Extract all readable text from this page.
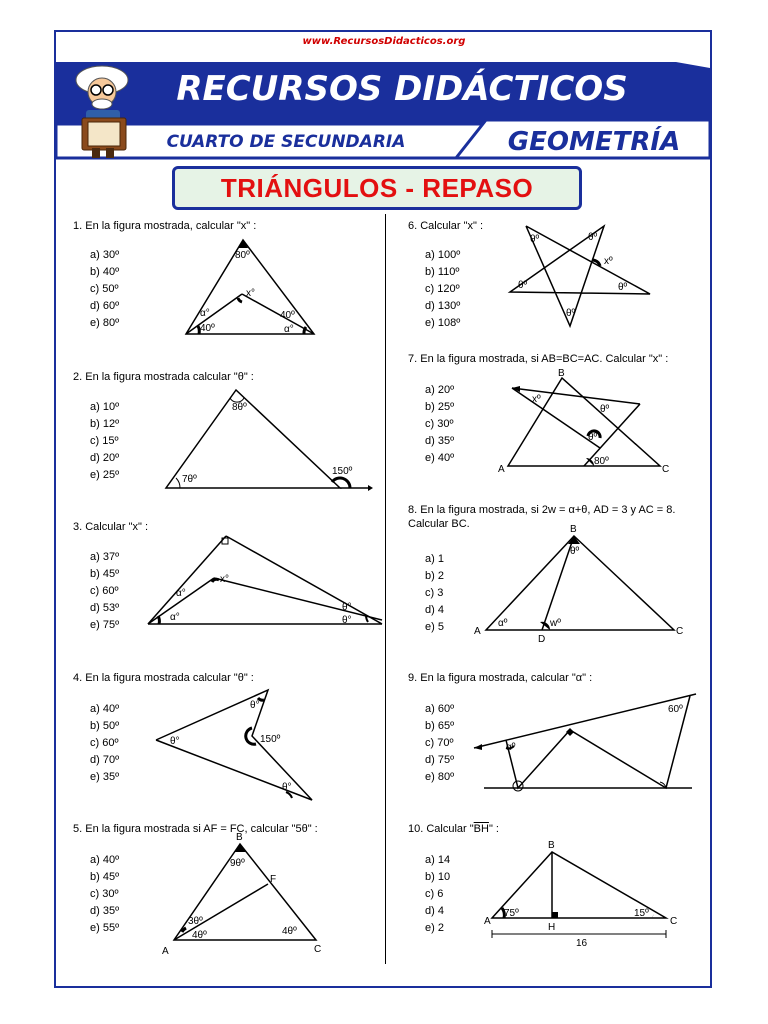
www.RecursosDidacticos.org
RECURSOS DIDÁCTICOS
CUARTO DE SECUNDARIA	GEOMETRÍA
TRIÁNGULOS - REPASO
1. En la figura mostrada, calcular "x" :
a) 30º
b) 40º
c) 50º
d) 60º
e) 80º
80º
x°
α°
40º
40º
α°
2. En la figura mostrada calcular "θ" :
a) 10º
b) 12º
c) 15º
d) 20º
e) 25º
8θº
7θº
150º
3. Calcular "x" :
a) 37º
b) 45º
c) 60º
d) 53º
e) 75º
α°
α°
x°
θ°
θ°
4. En la figura mostrada calcular "θ" :
a) 40º
b) 50º
c) 60º
d) 70º
e) 35º
θ°
θ°
150º
θ°
5. En la figura mostrada si AF = FC, calcular "5θ" :
a) 40º
b) 45º
c) 30º
d) 35º
e) 55º
B
F
A	C
9θº
3θº
4θº	4θº
6. Calcular "x" :
a) 100º
b) 110º
c) 120º
d) 130º
e) 108º
θº	θº
xº
θº	θº
θº
7. En la figura mostrada, si AB=BC=AC. Calcular "x" :
a) 20º
b) 25º
c) 30º
d) 35º
e) 40º
B
A	C
xº
θº
θº
80º
8. En la figura mostrada, si 2w = α+θ, AD = 3 y AC = 8. Calcular BC.
a) 1
b) 2
c) 3
d) 4
e) 5
B
A	C
D
θº
αº	wº
9. En la figura mostrada, calcular "α" :
a) 60º
b) 65º
c) 70º
d) 75º
e) 80º
60º
αº
10. Calcular "$\overline{BH}$" :
a) 14
b) 10
c) 6
d) 4
e) 2
B
A
H
C
75º	15º
16
